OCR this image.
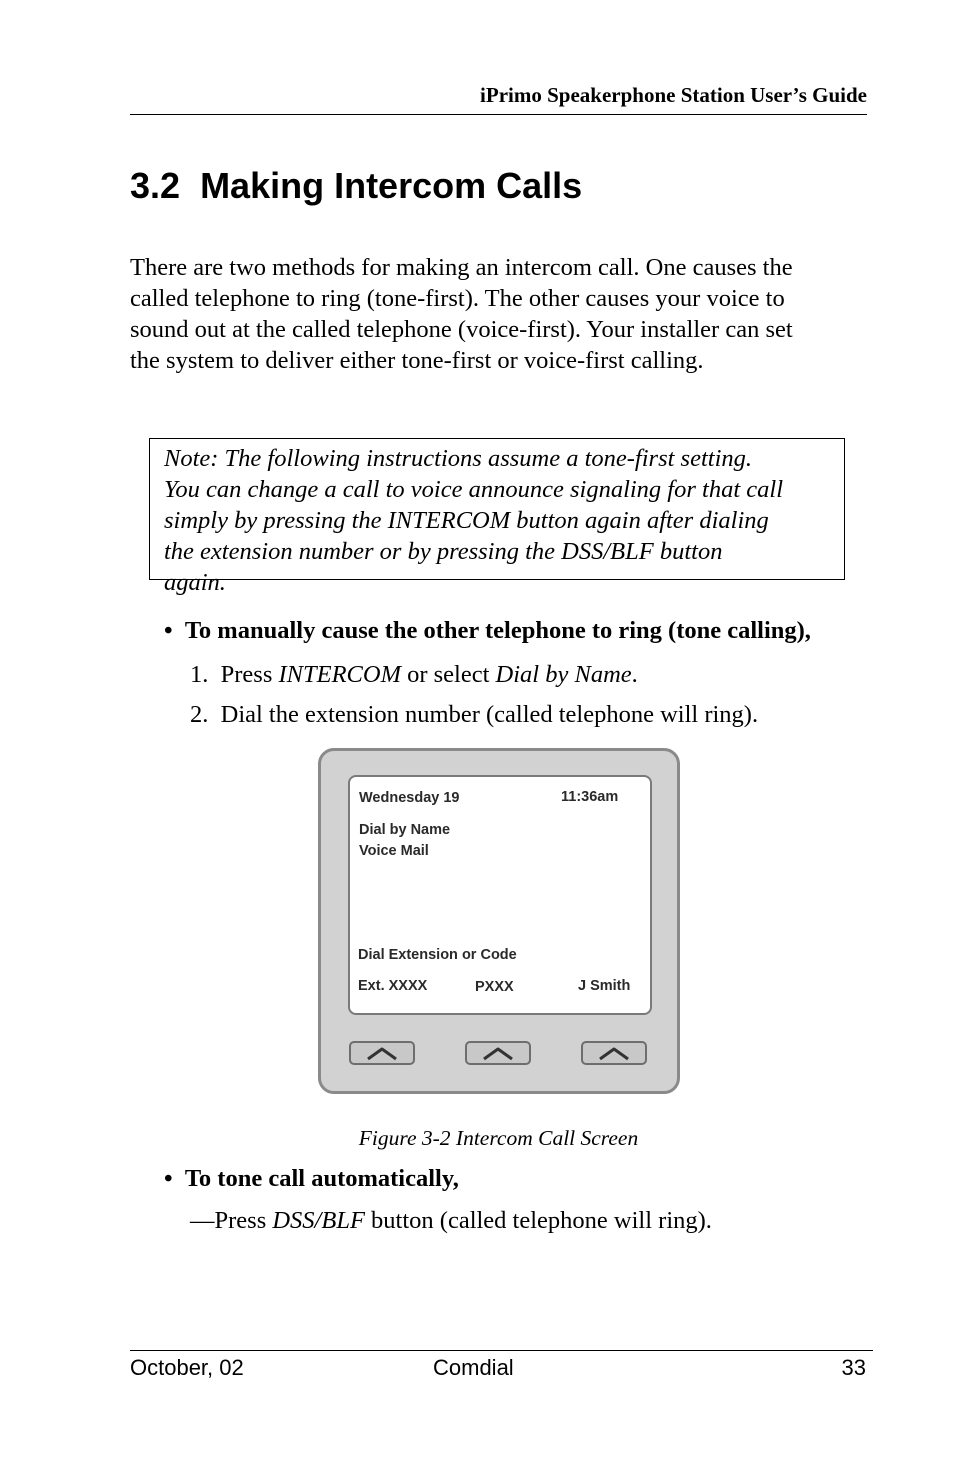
iPrimo Speakerphone Station User’s Guide
3.2 Making Intercom Calls
There are two methods for making an intercom call. One causes the
called telephone to ring (tone-first). The other causes your voice to
sound out at the called telephone (voice-first). Your installer can set
the system to deliver either tone-first or voice-first calling.
Note: The following instructions assume a tone-first setting.
You can change a call to voice announce signaling for that call
simply by pressing the INTERCOM button again after dialing
the extension number or by pressing the DSS/BLF button
again.
•  To manually cause the other telephone to ring (tone calling),
1. Press INTERCOM or select Dial by Name.
2. Dial the extension number (called telephone will ring).
Wednesday 19	11:36am
Dial by Name
Voice Mail
Dial Extension or Code
Ext. XXXX	PXXX	J Smith
Figure 3-2 Intercom Call Screen
•  To tone call automatically,
—Press DSS/BLF button (called telephone will ring).
October, 02	Comdial	33
